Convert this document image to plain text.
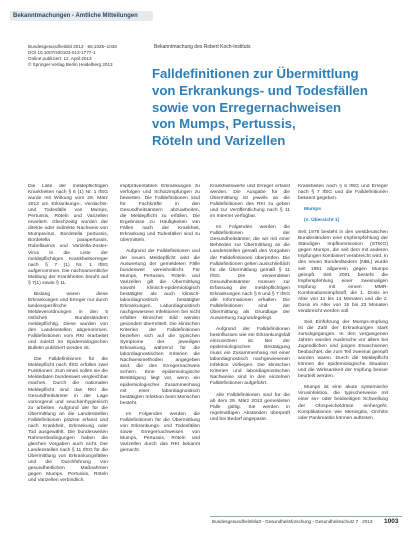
Bekanntmachungen - Amtliche Mitteilungen
Bundesgesundheitsbl 2013 · 56:1025–1036
DOI 10.1007/s00103-013-1777-1
Online publiziert: 12. April 2013
© Springer-Verlag Berlin Heidelberg 2013
Bekanntmachung des Robert Koch-Instituts
Falldefinitionen zur Übermittlung
von Erkrankungs- und Todesfällen
sowie von Erregernachweisen
von Mumps, Pertussis,
Röteln und Varizellen

Die Liste der meldepflichtigen Krankheiten nach § 6 (1) Nr. 1 IfSG wurde mit Wirkung vom 29. März 2013 um Erkrankungs-, Verdachts- und Todesfälle von Mumps, Pertussis, Röteln und Varizellen erweitert. Gleichzeitig wurden der direkte oder indirekte Nachweis von Mumpsvirus, Bordetella pertussis, Bordetella parapertussis, Rubellavirus und Varizella-Zoster-Virus in die Liste der meldepflichtigen Krankheitserreger nach § 7 (1) Nr. 1 IfSG aufgenommen. Die nachnamentliche Meldung der Krankheiten beruht auf § 7(1) sowie § 11.

Bislang waren diese Erkrankungen und Erreger nur durch landesspezifische Meldeverordnungen in den 5 östlichen Bundesländern meldepflichtig. Diese wurden von den Landesstellen abgenommen. Falldefinitionen vom RKI erarbeitet und zuletzt im Epidemiologischen Bulletin publiziert worden ist.

Die Falldefinitionen für die Meldepflicht nach IfSG erfüllen zwei Funktionen: Zum einen sollen sie die Meldedaten bundesweit vergleichbar machen. Durch die nationalen Meldepflicht sind das RKI die Gesundheitsämter in der Lage vorsorgend und seuchenhygienisch zu arbeiten. Aufgrund der für die Übermittlung an die Landesstellen Falldefinitionen präzise erfasst und nach Krankheit, Erkrankung oder Tod ausgewählt. Die bundesweiten Rahmenbedingungen haben die gleichen Vorgaben auch nicht. Der Landesstellen nach § 11 IfSG für die Übermittlung von Erkrankungsfällen und die Durchführung von gesundheitlichen Maßnahmen gegen Mumps, Pertussis, Röteln und Varizellen verbindlich.

impfpräventablen Erkrankungen zu verfolgen und Schutzimpfungen zu bewerten. Die Falldefinitionen sind für Fachkräfte in den Gesundheitsämtern abzuarbeiten, die Meldepflicht zu erfüllen. Die Ergebnisse zu Häufigkeiten von Fällen nach der Krankheit, Erkrankung und Todesfällen sind zu übermitteln.

Aufgrund der Falldefinitionen und der neuen Meldepflicht wird die Auswertung der gemeldeten Fälle bundesweit vereinheitlicht. Für Mumps, Pertussis, Röteln und Varizellen gilt die Übermittlung sowohl klinisch-epidemiologisch bestätigter als auch klinisch-labordiagnostisch bestätigter Erkrankungen. Labordiagnostisch nachgewiesene Infektionen bei nicht erfüllter klinischer Bild werden gesondert übermittelt. Die klinischen Kriterien der Falldefinitionen beziehen sich auf die typischen Symptome der jeweiligen Erkrankung, während für die labordiagnostischen Kriterien die Nachweismethoden angegeben sind, die den Erregernachweis sichern. Eine epidemiologische Bestätigung liegt vor, wenn ein epidemiologischer Zusammenhang mit einer labordiagnostisch bestätigten Infektion beim Menschen besteht.

Im Folgenden werden die Falldefinitionen für die Übermittlung von Erkrankungs- und Todesfällen sowie Erregernachweisen von Mumps, Pertussis, Röteln und Varizellen durch das RKI bekannt gemacht.

Krankheitswerte und Erreger erfasst werden. Die Ausgabe für die Übermittlung ist jeweils an die Falldefinitionen des RKI zu geben und zur Veröffentlichung nach § 11 im Internet verfügbar.

Im Folgenden werden die Falldefinitionen der Gesundheitsämter, die wir mit einer Behörden zur Übermittlung an die Landesstellen gemäß den Vorgaben der Falldefinitionen überprüfen. Die Falldefinitionen gelten ausschließlich für die Übermittlung gemäß § 11 IfSG. Die verwendeten Gesundheitsämter müssen zur Erfassung der meldepflichtigen Erkrankungen nach § 6 und § 7 IfSG alle Informationen erhalten. Die Falldefinitionen sind der Übermittlung als Grundlage der Auswertung zugrundegelegt.

Aufgrund der Falldefinitionen beeinflussen wie ein Erkrankungsfall einzuordnen ist. Bei der epidemiologischen Bestätigung muss ein Zusammenhang mit einer labordiagnostisch nachgewiesenen Infektion vorliegen. Die klinischen Kriterien und labordiagnostischen Nachweise sind in den einzelnen Falldefinitionen aufgeführt.

Alle Falldefinitionen sind für die ab dem 29. März 2013 gemeldeten Fälle gültig. Sie werden in regelmäßigen Abständen überprüft und bei Bedarf angepasst.

Krankheiten nach § 6 IfSG und Erreger nach § 7 IfSG und die Falldefinitionen bekannt gegeben.

Mumps

(s. Übersicht 1)

Seit 1976 besteht in den westdeutschen Bundesländern eine Impfempfehlung der Ständigen Impfkommission (STIKO) gegen Mumps, die seit dem mit anderen Impfungen kombiniert verabreicht wird. In den neuen Bundesländern (NBL) wurde seit 1991 allgemein gegen Mumps geimpft. Seit 2001 besteht die Impfempfehlung einer zweimaligen Impfung mit einem MMR-Kombinationsimpfstoff, die 1. Dosis im Alter von 11 bis 14 Monaten und die 2. Dosis im Alter von 15 bis 23 Monaten verabreicht werden soll.

Seit Einführung der Mumps-Impfung ist die Zahl der Erkrankungen stark zurückgegangen. In den vergangenen Jahren wurden Ausbrüche vor allem bei Jugendlichen und jungen Erwachsenen beobachtet, die zum Teil zweimal geimpft worden waren. Durch die Meldepflicht können die epidemiologische Situation und die Wirksamkeit der Impfung besser beurteilt werden.

Mumps ist eine akute systemische Virusinfektion, die typischerweise mit einer ein- oder beidseitigen Schwellung der Ohrspeicheldrüse einhergeht. Komplikationen wie Meningitis, Orchitis oder Pankreatitis können auftreten.

Bundesgesundheitsblatt - Gesundheitsforschung - Gesundheitsschutz 7 · 2013 1003
